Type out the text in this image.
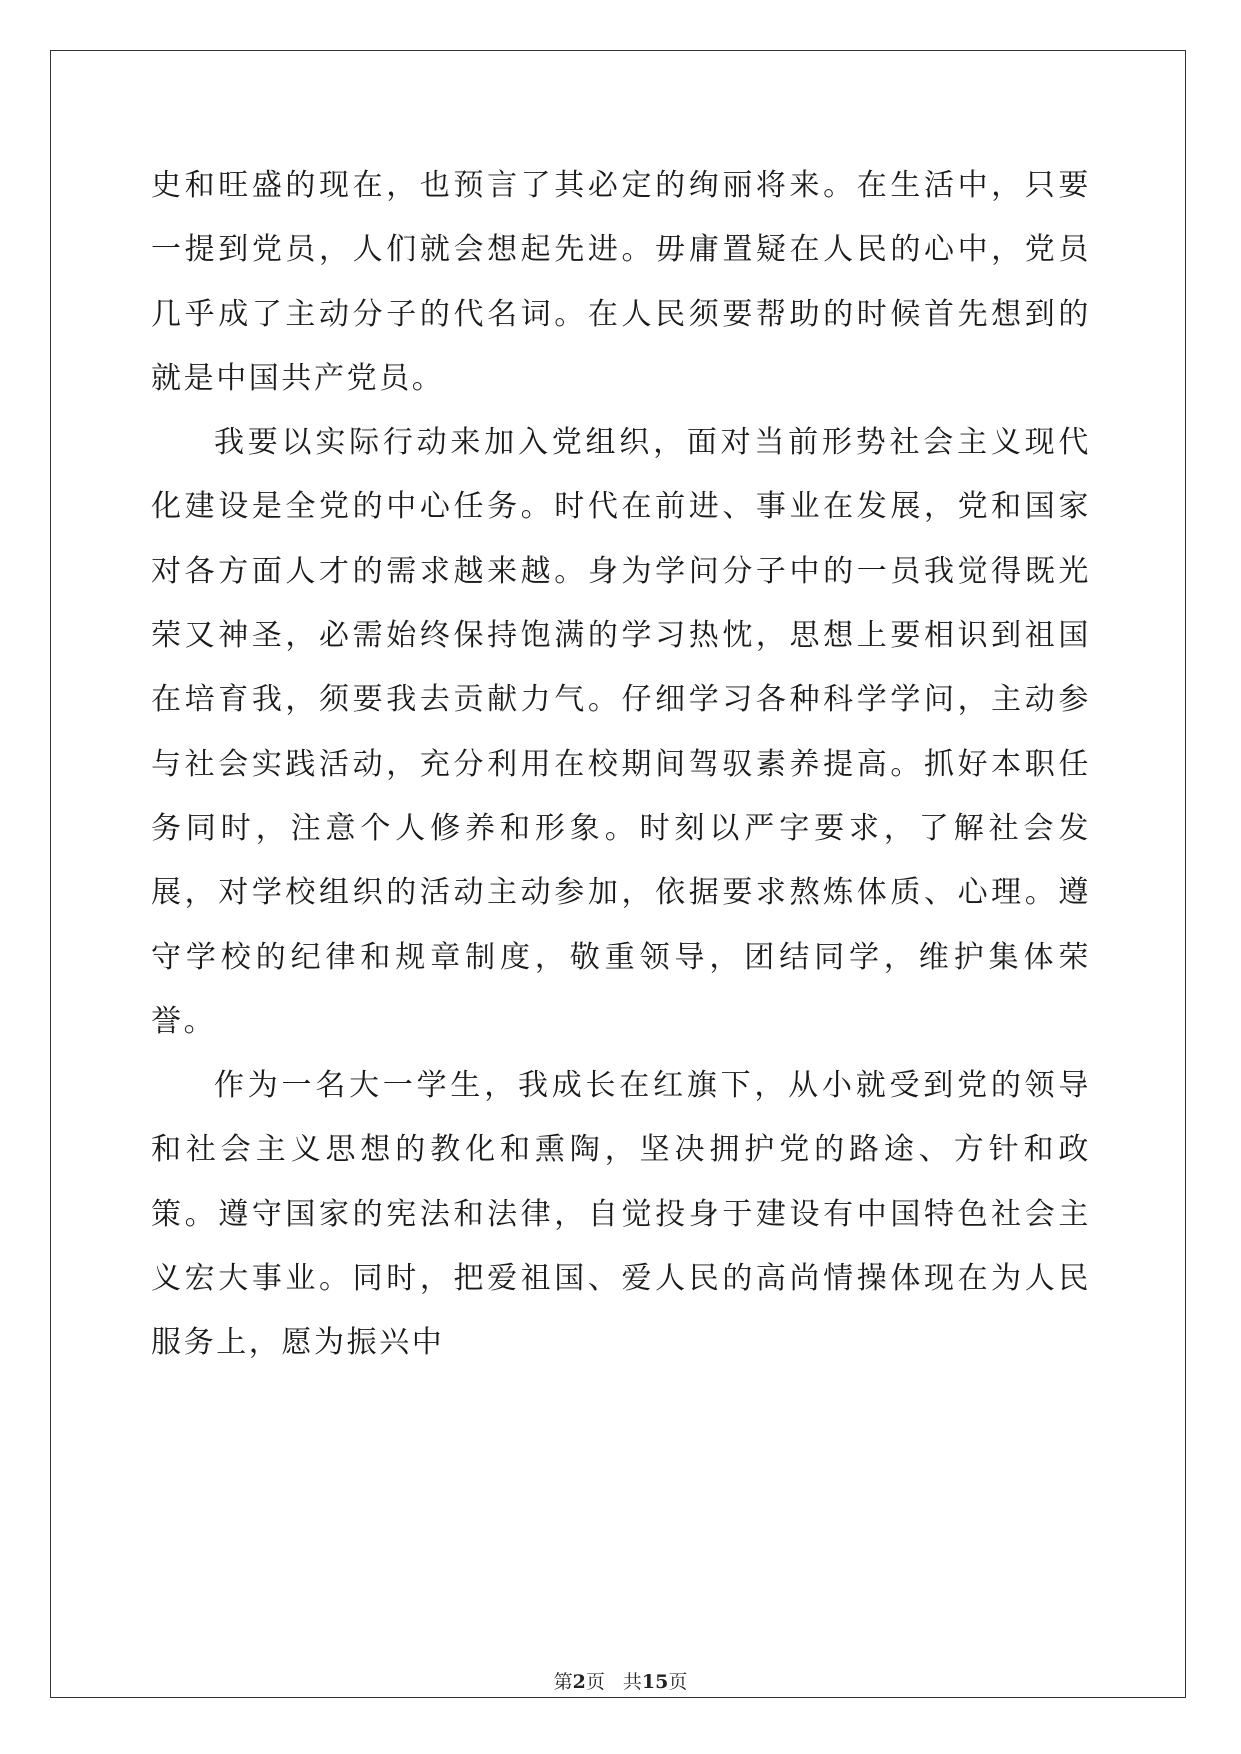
史和旺盛的现在，也预言了其必定的绚丽将来。在生活中，只要一提到党员，人们就会想起先进。毋庸置疑在人民的心中，党员几乎成了主动分子的代名词。在人民须要帮助的时候首先想到的就是中国共产党员。

我要以实际行动来加入党组织，面对当前形势社会主义现代化建设是全党的中心任务。时代在前进、事业在发展，党和国家对各方面人才的需求越来越。身为学问分子中的一员我觉得既光荣又神圣，必需始终保持饱满的学习热忱，思想上要相识到祖国在培育我，须要我去贡献力气。仔细学习各种科学学问，主动参与社会实践活动，充分利用在校期间驾驭素养提高。抓好本职任务同时，注意个人修养和形象。时刻以严字要求，了解社会发展，对学校组织的活动主动参加，依据要求熬炼体质、心理。遵守学校的纪律和规章制度，敬重领导，团结同学，维护集体荣誉。

作为一名大一学生，我成长在红旗下，从小就受到党的领导和社会主义思想的教化和熏陶，坚决拥护党的路途、方针和政策。遵守国家的宪法和法律，自觉投身于建设有中国特色社会主义宏大事业。同时，把爱祖国、爱人民的高尚情操体现在为人民服务上，愿为振兴中

第2页 共15页
